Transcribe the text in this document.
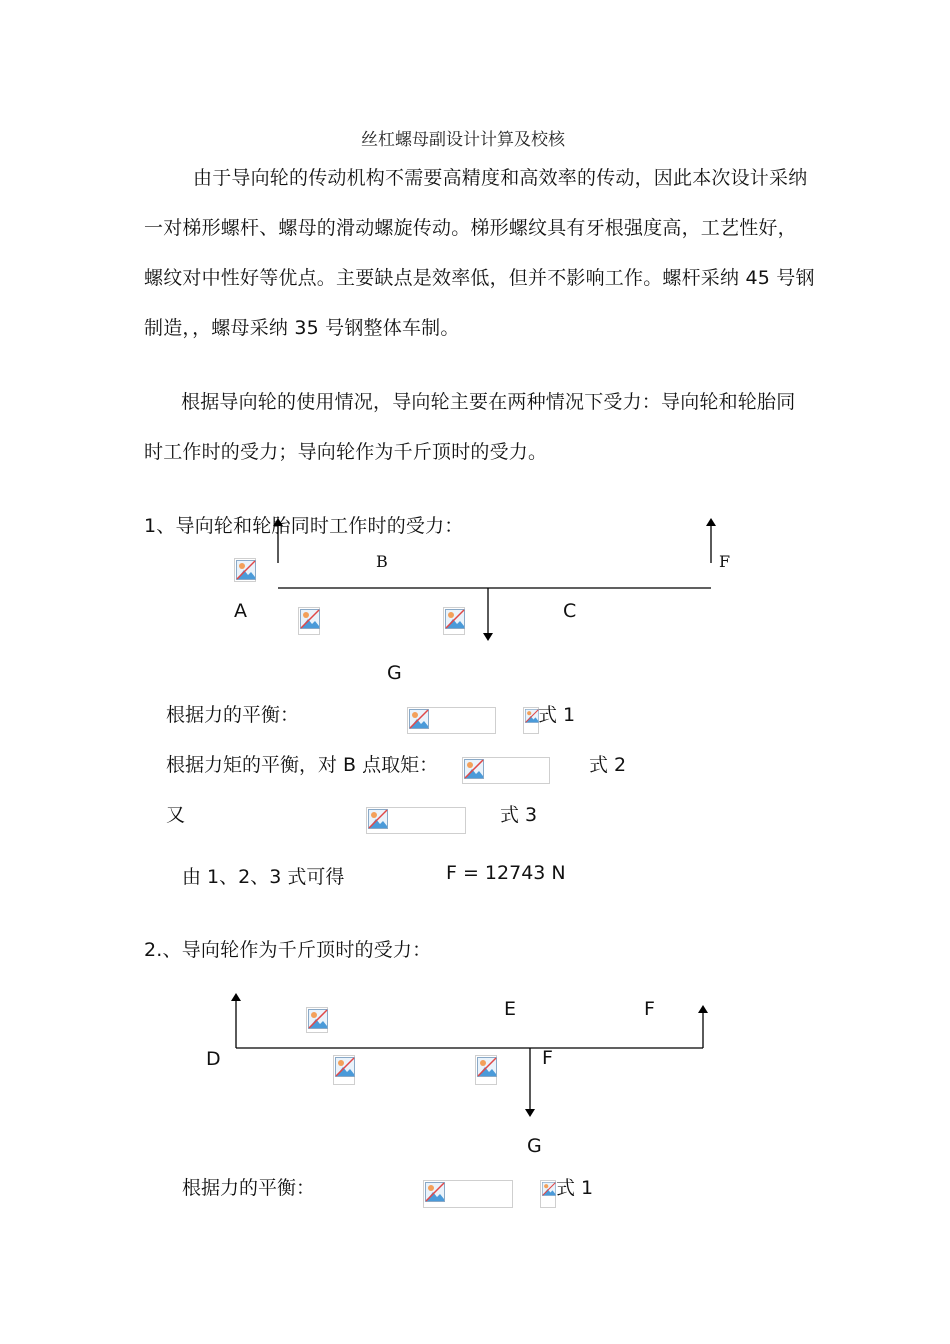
丝杠螺母副设计计算及校核
由于导向轮的传动机构不需要高精度和高效率的传动，因此本次设计采纳
一对梯形螺杆、螺母的滑动螺旋传动。梯形螺纹具有牙根强度高，工艺性好，
螺纹对中性好等优点。主要缺点是效率低，但并不影响工作。螺杆采纳 45 号钢
制造，，螺母采纳 35 号钢整体车制。
根据导向轮的使用情况，导向轮主要在两种情况下受力：导向轮和轮胎同
时工作时的受力；导向轮作为千斤顶时的受力。
1、导向轮和轮胎同时工作时的受力：
B	F
A	C
G
根据力的平衡：	式 1
根据力矩的平衡，对 B 点取矩：	式 2
又	式 3
由 1、2、3 式可得	F = 12743 N
2.、导向轮作为千斤顶时的受力：
E	F
D	F
G
根据力的平衡：	式 1
